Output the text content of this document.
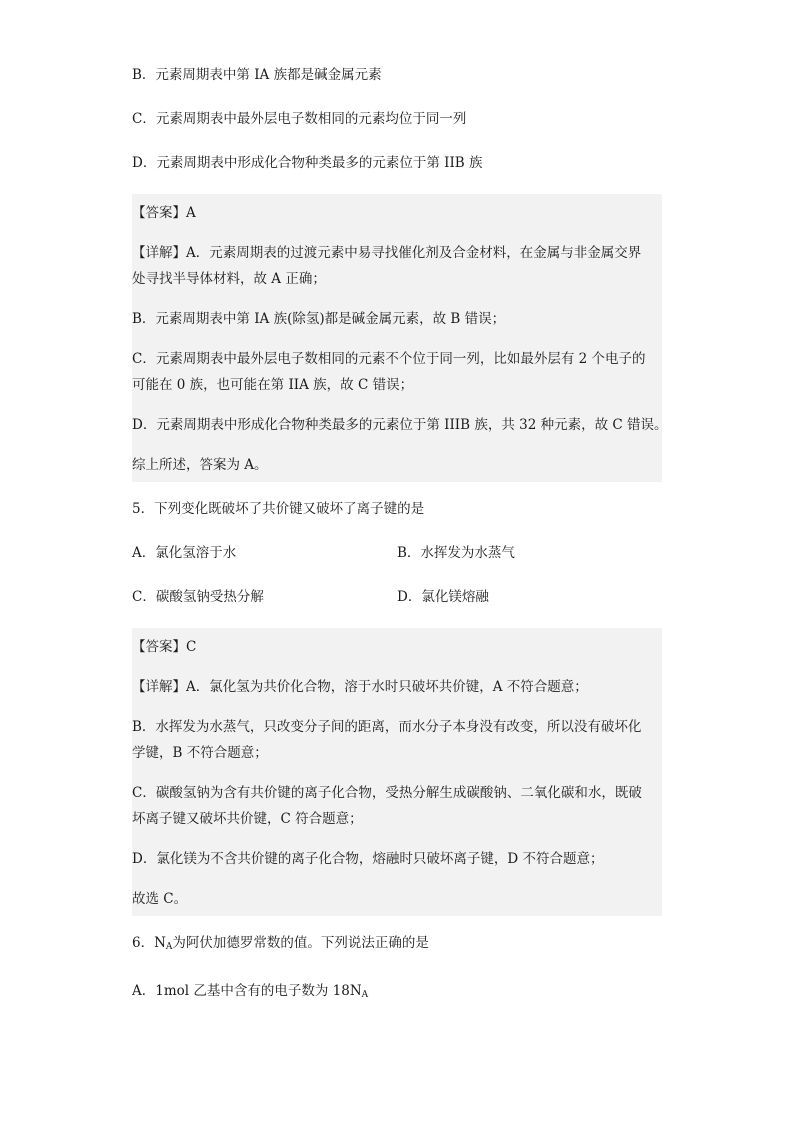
B．元素周期表中第 IA 族都是碱金属元素
C．元素周期表中最外层电子数相同的元素均位于同一列
D．元素周期表中形成化合物种类最多的元素位于第 IIB 族
【答案】A
【详解】A．元素周期表的过渡元素中易寻找催化剂及合金材料，在金属与非金属交界
处寻找半导体材料，故 A 正确；
B．元素周期表中第 IA 族(除氢)都是碱金属元素，故 B 错误；
C．元素周期表中最外层电子数相同的元素不个位于同一列，比如最外层有 2 个电子的
可能在 0 族，也可能在第 IIA 族，故 C 错误；
D．元素周期表中形成化合物种类最多的元素位于第 IIIB 族，共 32 种元素，故 C 错误。
综上所述，答案为 A。
5．下列变化既破坏了共价键又破坏了离子键的是
A．氯化氢溶于水	B．水挥发为水蒸气
C．碳酸氢钠受热分解	D．氯化镁熔融
【答案】C
【详解】A．氯化氢为共价化合物，溶于水时只破坏共价键，A 不符合题意；
B．水挥发为水蒸气，只改变分子间的距离，而水分子本身没有改变，所以没有破坏化
学键，B 不符合题意；
C．碳酸氢钠为含有共价键的离子化合物，受热分解生成碳酸钠、二氧化碳和水，既破
坏离子键又破坏共价键，C 符合题意；
D．氯化镁为不含共价键的离子化合物，熔融时只破坏离子键，D 不符合题意；
故选 C。
6．$N_A$为阿伏加德罗常数的值。下列说法正确的是
A．1mol 乙基中含有的电子数为 $18N_A$
